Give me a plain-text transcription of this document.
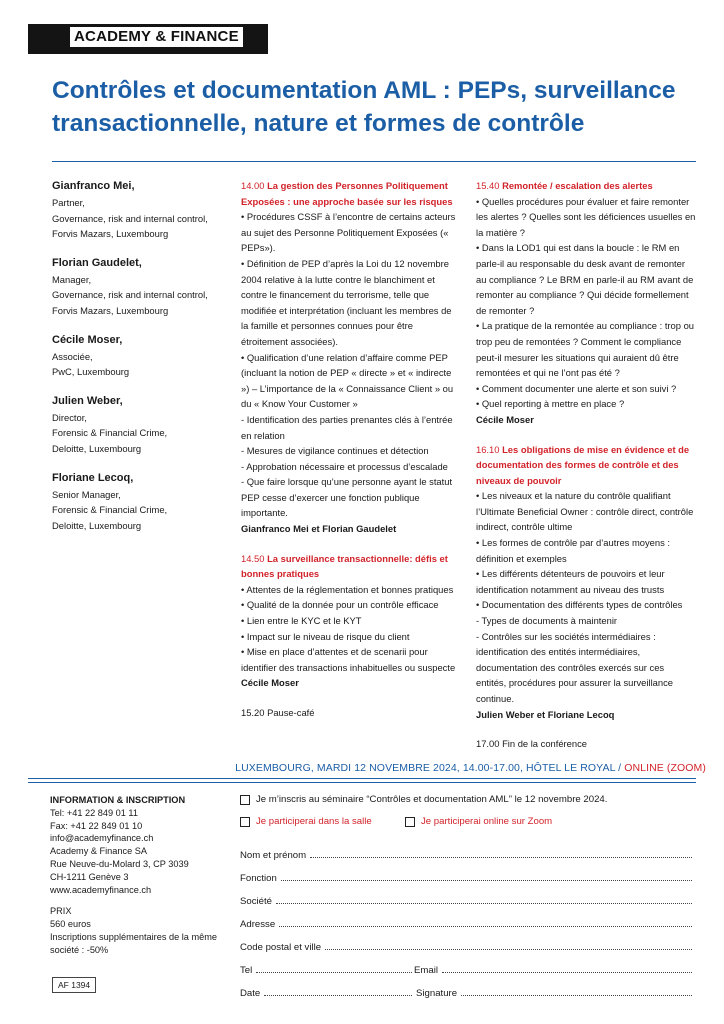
ACADEMY & FINANCE
Contrôles et documentation AML : PEPs, surveillance transactionnelle, nature et formes de contrôle
Gianfranco Mei,
Partner,
Governance, risk and internal control,
Forvis Mazars, Luxembourg
Florian Gaudelet,
Manager,
Governance, risk and internal control,
Forvis Mazars, Luxembourg
Cécile Moser,
Associée,
PwC, Luxembourg
Julien Weber,
Director,
Forensic & Financial Crime,
Deloitte, Luxembourg
Floriane Lecoq,
Senior Manager,
Forensic & Financial Crime,
Deloitte, Luxembourg
14.00 La gestion des Personnes Politiquement Exposées : une approche basée sur les risques
• Procédures CSSF à l’encontre de certains acteurs au sujet des Personne Politiquement Exposées (« PEPs»).
• Définition de PEP d’après la Loi du 12 novembre 2004 relative à la lutte contre le blanchiment et contre le financement du terrorisme, telle que modifiée et interprétation (incluant les membres de la famille et personnes connues pour être étroitement associées).
• Qualification d’une relation d’affaire comme PEP (incluant la notion de PEP « directe » et « indirecte ») – L’importance de la « Connaissance Client » ou du « Know Your Customer »
- Identification des parties prenantes clés à l’entrée en relation
- Mesures de vigilance continues et détection
- Approbation nécessaire et processus d’escalade
- Que faire lorsque qu’une personne ayant le statut PEP cesse d’exercer une fonction publique importante.
Gianfranco Mei et Florian Gaudelet
14.50 La surveillance transactionnelle: défis et bonnes pratiques
• Attentes de la réglementation et bonnes pratiques
• Qualité de la donnée pour un contrôle efficace
• Lien entre le KYC et le KYT
• Impact sur le niveau de risque du client
• Mise en place d’attentes et de scenarii pour identifier des transactions inhabituelles ou suspecte
Cécile Moser
15.20 Pause-café
15.40 Remontée / escalation des alertes
• Quelles procédures pour évaluer et faire remonter les alertes ? Quelles sont les déficiences usuelles en la matière ?
• Dans la LOD1 qui est dans la boucle : le RM en parle-il au responsable du desk avant de remonter au compliance ? Le BRM en parle-il au RM avant de remonter au compliance ? Qui décide formellement de remonter ?
• La pratique de la remontée au compliance : trop ou trop peu de remontées ? Comment le compliance peut-il mesurer les situations qui auraient dû être remontées et qui ne l’ont pas été ?
• Comment documenter une alerte et son suivi ?
• Quel reporting à mettre en place ?
Cécile Moser
16.10 Les obligations de mise en évidence et de documentation des formes de contrôle et des niveaux de pouvoir
• Les niveaux et la nature du contrôle qualifiant l’Ultimate Beneficial Owner : contrôle direct, contrôle indirect, contrôle ultime
• Les formes de contrôle par d’autres moyens : définition et exemples
• Les différents détenteurs de pouvoirs et leur identification notamment au niveau des trusts
• Documentation des différents types de contrôles
- Types de documents à maintenir
- Contrôles sur les sociétés intermédiaires : identification des entités intermédiaires, documentation des contrôles exercés sur ces entités, procédures pour assurer la surveillance continue.
Julien Weber et Floriane Lecoq
17.00 Fin de la conférence
LUXEMBOURG, MARDI 12 NOVEMBRE 2024, 14.00-17.00, HÔTEL LE ROYAL / ONLINE (ZOOM)
INFORMATION & INSCRIPTION
Tel: +41 22 849 01 11
Fax: +41 22 849 01 10
info@academyfinance.ch
Academy & Finance SA
Rue Neuve-du-Molard 3, CP 3039
CH-1211 Genève 3
www.academyfinance.ch
PRIX
560 euros
Inscriptions supplémentaires de la même société : -50%
AF 1394
Je m’inscris au séminaire “Contrôles et documentation AML” le 12 novembre 2024.
Je participerai dans la salle	Je participerai online sur Zoom
Nom et prénom
Fonction
Société
Adresse
Code postal et ville
Tel	Email
Date	Signature
